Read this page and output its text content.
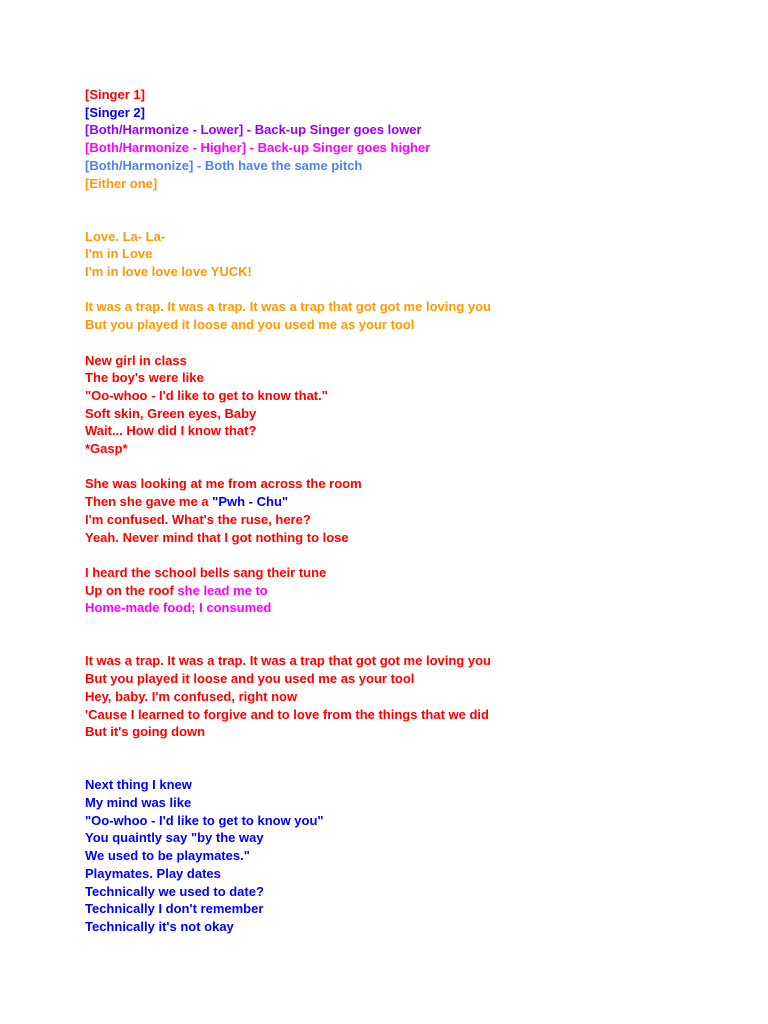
[Singer 1]

[Singer 2]

[Both/Harmonize - Lower] - Back-up Singer goes lower

[Both/Harmonize - Higher] - Back-up Singer goes higher

[Both/Harmonize] - Both have the same pitch

[Either one]

Love. La- La-

I'm in Love

I'm in love love love YUCK!

It was a trap. It was a trap. It was a trap that got got me loving you

But you played it loose and you used me as your tool

New girl in class

The boy's were like

"Oo-whoo - I'd like to get to know that."

Soft skin, Green eyes, Baby

Wait... How did I know that?

*Gasp*

She was looking at me from across the room

Then she gave me a "Pwh - Chu"

I'm confused. What's the ruse, here?

Yeah. Never mind that I got nothing to lose

I heard the school bells sang their tune

Up on the roof she lead me to

Home-made food; I consumed

It was a trap. It was a trap. It was a trap that got got me loving you

But you played it loose and you used me as your tool

Hey, baby. I'm confused, right now

'Cause I learned to forgive and to love from the things that we did

But it's going down

Next thing I knew

My mind was like

"Oo-whoo - I'd like to get to know you"

You quaintly say "by the way

We used to be playmates."

Playmates. Play dates

Technically we used to date?

Technically I don't remember

Technically it's not okay
